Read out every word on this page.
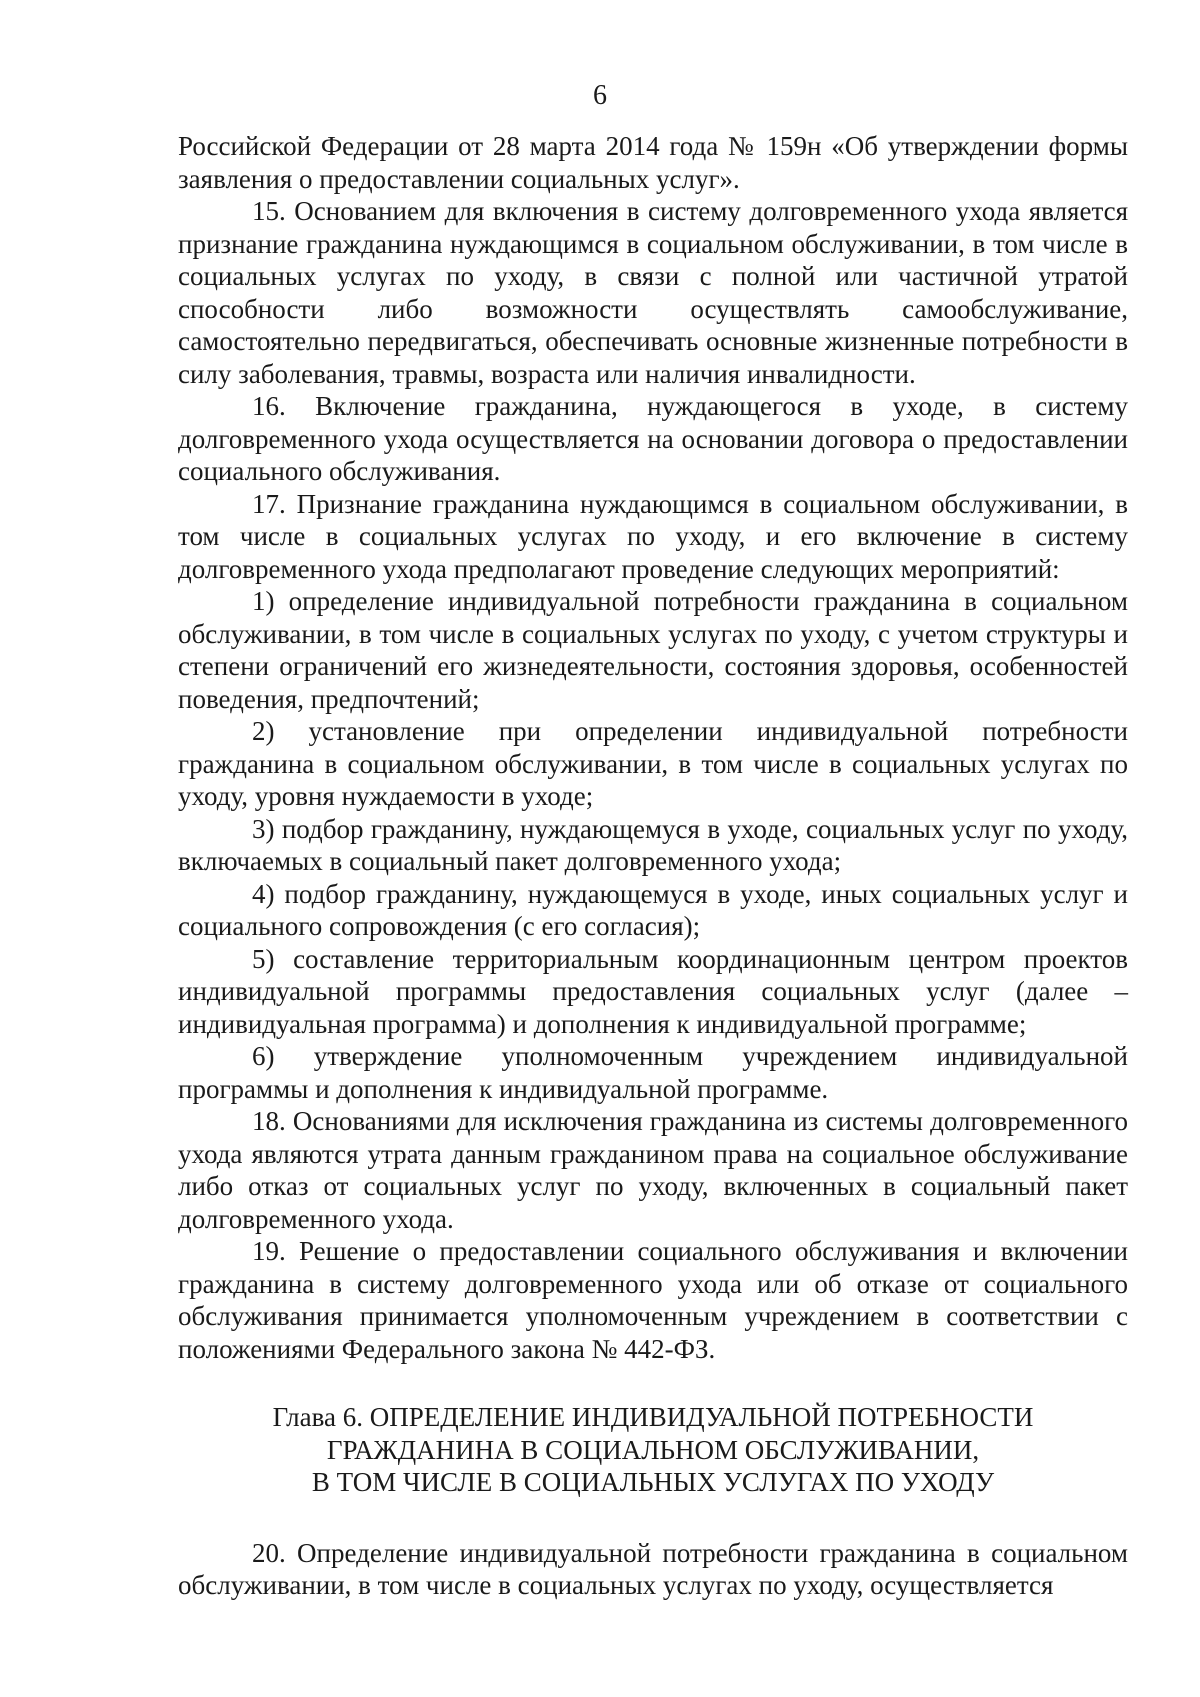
6

Российской Федерации от 28 марта 2014 года № 159н «Об утверждении формы заявления о предоставлении социальных услуг».

15. Основанием для включения в систему долговременного ухода является признание гражданина нуждающимся в социальном обслуживании, в том числе в социальных услугах по уходу, в связи с полной или частичной утратой способности либо возможности осуществлять самообслуживание, самостоятельно передвигаться, обеспечивать основные жизненные потребности в силу заболевания, травмы, возраста или наличия инвалидности.

16. Включение гражданина, нуждающегося в уходе, в систему долговременного ухода осуществляется на основании договора о предоставлении социального обслуживания.

17. Признание гражданина нуждающимся в социальном обслуживании, в том числе в социальных услугах по уходу, и его включение в систему долговременного ухода предполагают проведение следующих мероприятий:

1) определение индивидуальной потребности гражданина в социальном обслуживании, в том числе в социальных услугах по уходу, с учетом структуры и степени ограничений его жизнедеятельности, состояния здоровья, особенностей поведения, предпочтений;

2) установление при определении индивидуальной потребности гражданина в социальном обслуживании, в том числе в социальных услугах по уходу, уровня нуждаемости в уходе;

3) подбор гражданину, нуждающемуся в уходе, социальных услуг по уходу, включаемых в социальный пакет долговременного ухода;

4) подбор гражданину, нуждающемуся в уходе, иных социальных услуг и социального сопровождения (с его согласия);

5) составление территориальным координационным центром проектов индивидуальной программы предоставления социальных услуг (далее – индивидуальная программа) и дополнения к индивидуальной программе;

6) утверждение уполномоченным учреждением индивидуальной программы и дополнения к индивидуальной программе.

18. Основаниями для исключения гражданина из системы долговременного ухода являются утрата данным гражданином права на социальное обслуживание либо отказ от социальных услуг по уходу, включенных в социальный пакет долговременного ухода.

19. Решение о предоставлении социального обслуживания и включении гражданина в систему долговременного ухода или об отказе от социального обслуживания принимается уполномоченным учреждением в соответствии с положениями Федерального закона № 442-ФЗ.

Глава 6. ОПРЕДЕЛЕНИЕ ИНДИВИДУАЛЬНОЙ ПОТРЕБНОСТИ
ГРАЖДАНИНА В СОЦИАЛЬНОМ ОБСЛУЖИВАНИИ,
В ТОМ ЧИСЛЕ В СОЦИАЛЬНЫХ УСЛУГАХ ПО УХОДУ

20. Определение индивидуальной потребности гражданина в социальном обслуживании, в том числе в социальных услугах по уходу, осуществляется
